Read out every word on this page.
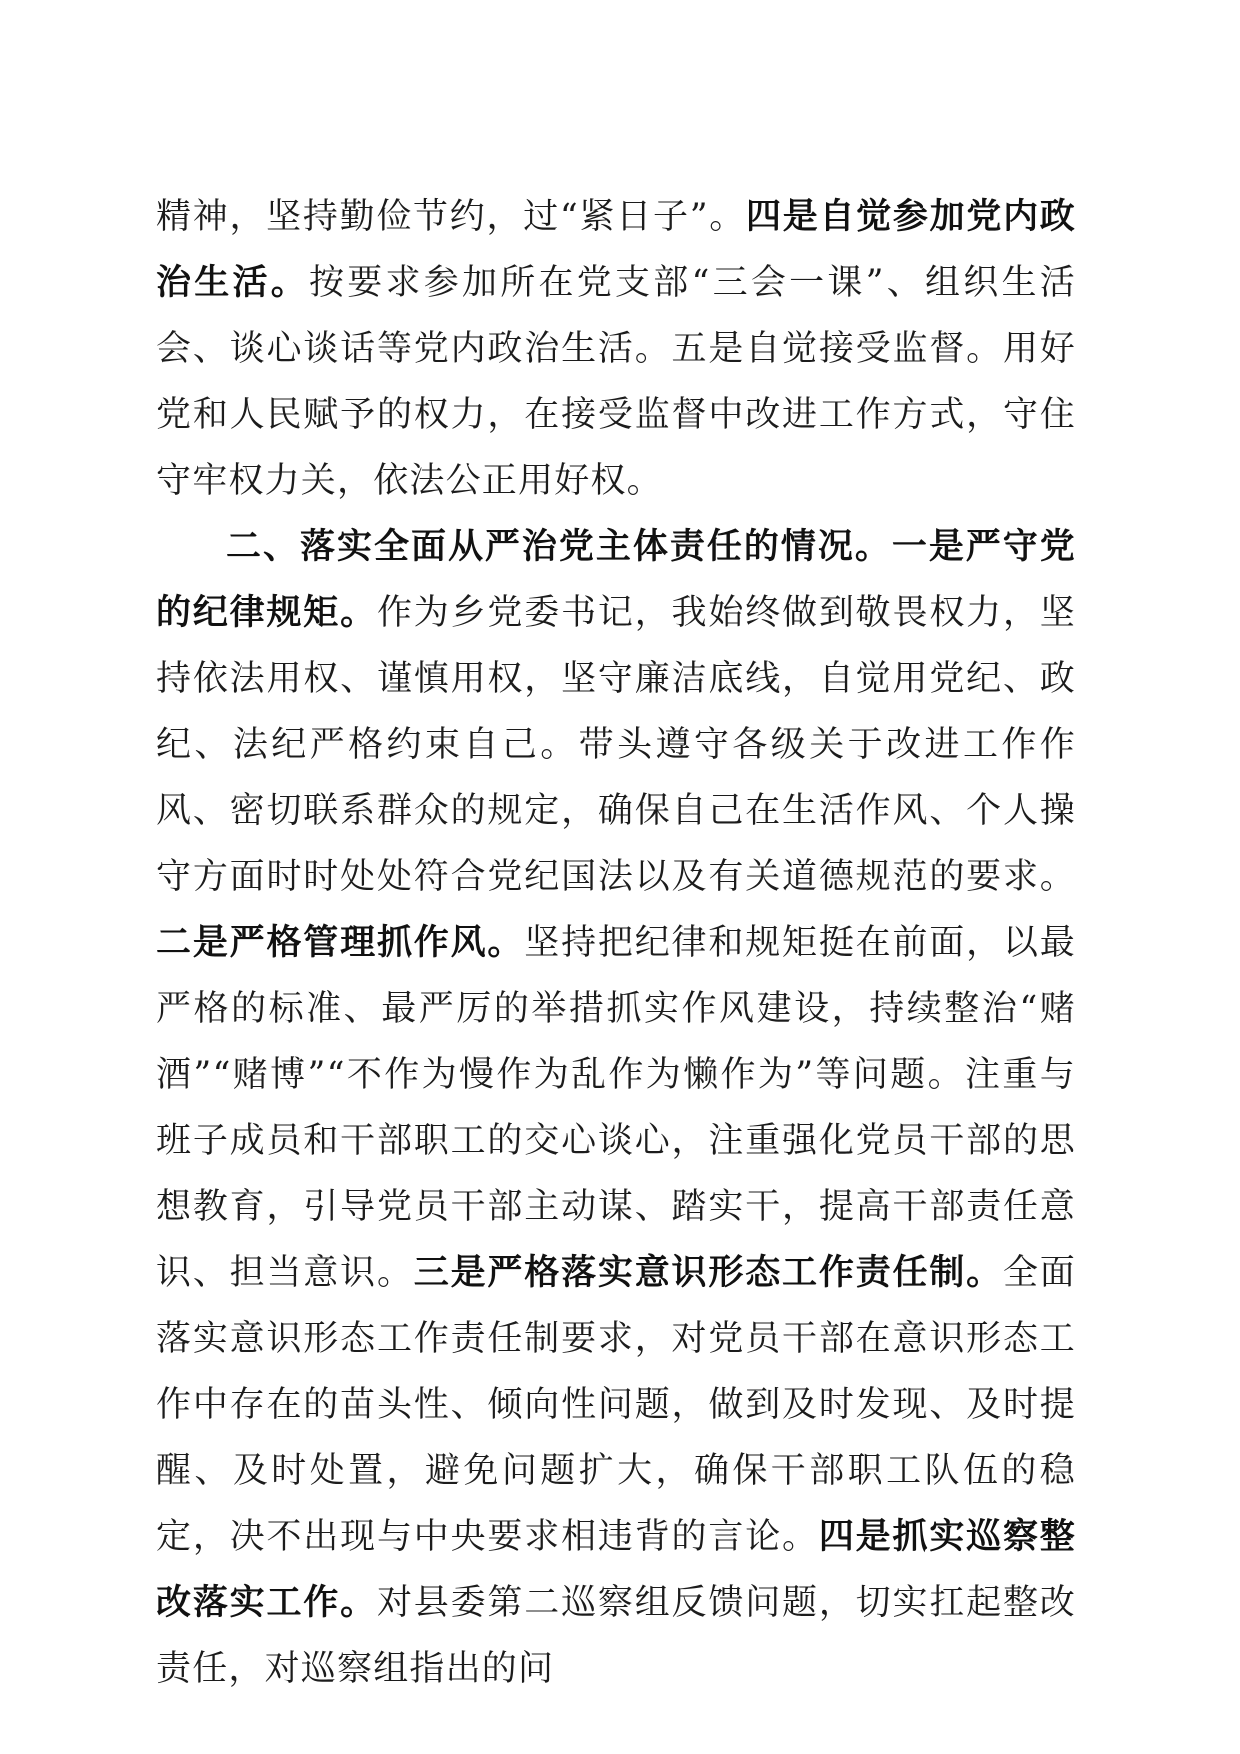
精神，坚持勤俭节约，过“紧日子”。四是自觉参加党内政治生活。按要求参加所在党支部“三会一课”、组织生活会、谈心谈话等党内政治生活。五是自觉接受监督。用好党和人民赋予的权力，在接受监督中改进工作方式，守住守牢权力关，依法公正用好权。

二、落实全面从严治党主体责任的情况。一是严守党的纪律规矩。作为乡党委书记，我始终做到敬畏权力，坚持依法用权、谨慎用权，坚守廉洁底线，自觉用党纪、政纪、法纪严格约束自己。带头遵守各级关于改进工作作风、密切联系群众的规定，确保自己在生活作风、个人操守方面时时处处符合党纪国法以及有关道德规范的要求。二是严格管理抓作风。坚持把纪律和规矩挺在前面，以最严格的标准、最严厉的举措抓实作风建设，持续整治“赌酒”“赌博”“不作为慢作为乱作为懒作为”等问题。注重与班子成员和干部职工的交心谈心，注重强化党员干部的思想教育，引导党员干部主动谋、踏实干，提高干部责任意识、担当意识。三是严格落实意识形态工作责任制。全面落实意识形态工作责任制要求，对党员干部在意识形态工作中存在的苗头性、倾向性问题，做到及时发现、及时提醒、及时处置，避免问题扩大，确保干部职工队伍的稳定，决不出现与中央要求相违背的言论。四是抓实巡察整改落实工作。对县委第二巡察组反馈问题，切实扛起整改责任，对巡察组指出的问
